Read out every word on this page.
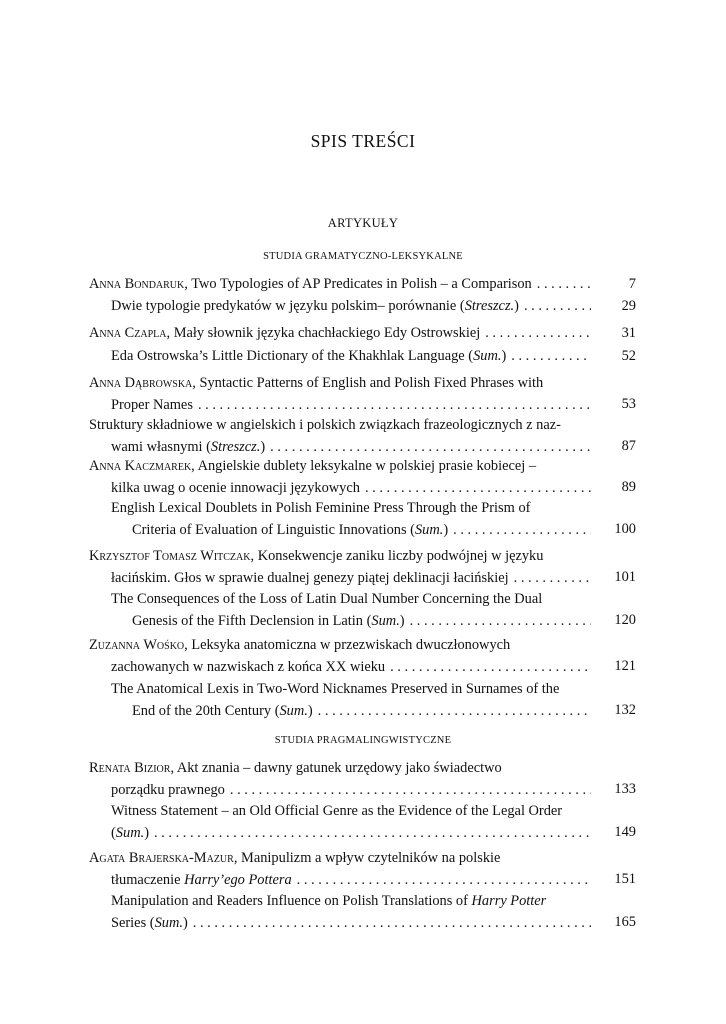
SPIS TREŚCI
ARTYKUŁY
STUDIA GRAMATYCZNO-LEKSYKALNE
Anna Bondaruk, Two Typologies of AP Predicates in Polish – a Comparison . . .	7
Dwie typologie predykatów w języku polskim– porównanie (Streszcz.) . . .	29
Anna Czapla, Mały słownik języka chachłackiego Edy Ostrowskiej . . .	31
Eda Ostrowska’s Little Dictionary of the Khakhlak Language (Sum.) . . .	52
Anna Dąbrowska, Syntactic Patterns of English and Polish Fixed Phrases with
Proper Names . . .	53
Struktury składniowe w angielskich i polskich związkach frazeologicznych z naz-
wami własnymi (Streszcz.) . . .	87
Anna Kaczmarek, Angielskie dublety leksykalne w polskiej prasie kobiecej –
kilka uwag o ocenie innowacji językowych . . .	89
English Lexical Doublets in Polish Feminine Press Through the Prism of
Criteria of Evaluation of Linguistic Innovations (Sum.) . . .	100
Krzysztof Tomasz Witczak, Konsekwencje zaniku liczby podwójnej w języku
łacińskim. Głos w sprawie dualnej genezy piątej deklinacji łacińskiej . . .	101
The Consequences of the Loss of Latin Dual Number Concerning the Dual
Genesis of the Fifth Declension in Latin (Sum.) . . .	120
Zuzanna Wośko, Leksyka anatomiczna w przezwiskach dwuczłonowych
zachowanych w nazwiskach z końca XX wieku . . .	121
The Anatomical Lexis in Two-Word Nicknames Preserved in Surnames of the
End of the 20th Century (Sum.) . . .	132
STUDIA PRAGMALINGWISTYCZNE
Renata Bizior, Akt znania – dawny gatunek urzędowy jako świadectwo
porządku prawnego . . .	133
Witness Statement – an Old Official Genre as the Evidence of the Legal Order
(Sum.) . . .	149
Agata Brajerska-Mazur, Manipulizm a wpływ czytelników na polskie
tłumaczenie Harry’ego Pottera . . .	151
Manipulation and Readers Influence on Polish Translations of Harry Potter
Series (Sum.) . . .	165
